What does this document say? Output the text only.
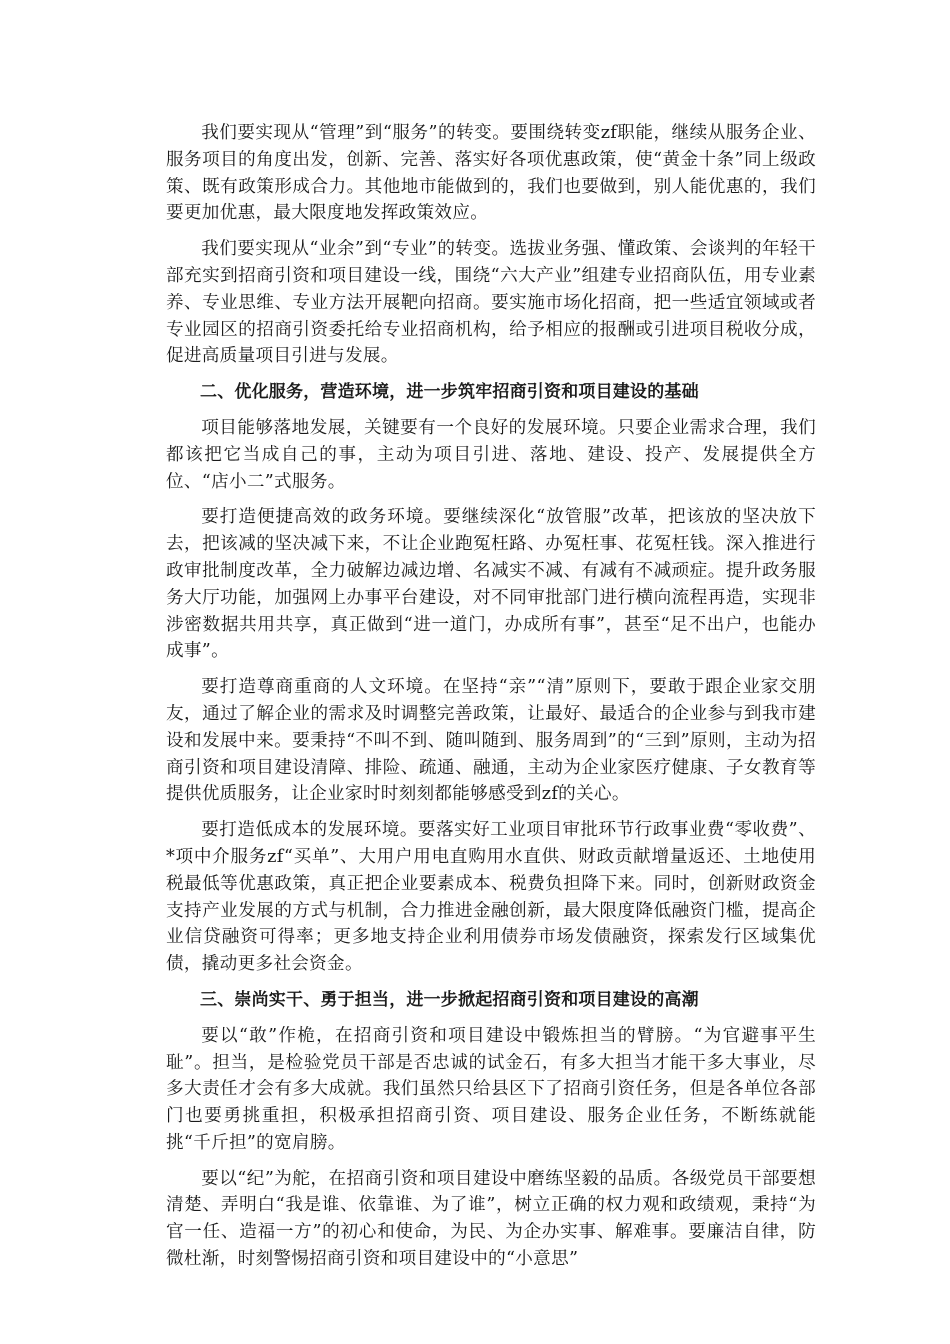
我们要实现从“管理”到“服务”的转变。要围绕转变zf职能，继续从服务企业、服务项目的角度出发，创新、完善、落实好各项优惠政策，使“黄金十条”同上级政策、既有政策形成合力。其他地市能做到的，我们也要做到，别人能优惠的，我们要更加优惠，最大限度地发挥政策效应。

我们要实现从“业余”到“专业”的转变。选拔业务强、懂政策、会谈判的年轻干部充实到招商引资和项目建设一线，围绕“六大产业”组建专业招商队伍，用专业素养、专业思维、专业方法开展靶向招商。要实施市场化招商，把一些适宜领域或者专业园区的招商引资委托给专业招商机构，给予相应的报酬或引进项目税收分成，促进高质量项目引进与发展。

二、优化服务，营造环境，进一步筑牢招商引资和项目建设的基础

项目能够落地发展，关键要有一个良好的发展环境。只要企业需求合理，我们都该把它当成自己的事，主动为项目引进、落地、建设、投产、发展提供全方位、“店小二”式服务。

要打造便捷高效的政务环境。要继续深化“放管服”改革，把该放的坚决放下去，把该减的坚决减下来，不让企业跑冤枉路、办冤枉事、花冤枉钱。深入推进行政审批制度改革，全力破解边减边增、名减实不减、有减有不减顽症。提升政务服务大厅功能，加强网上办事平台建设，对不同审批部门进行横向流程再造，实现非涉密数据共用共享，真正做到“进一道门，办成所有事”，甚至“足不出户，也能办成事”。

要打造尊商重商的人文环境。在坚持“亲”“清”原则下，要敢于跟企业家交朋友，通过了解企业的需求及时调整完善政策，让最好、最适合的企业参与到我市建设和发展中来。要秉持“不叫不到、随叫随到、服务周到”的“三到”原则，主动为招商引资和项目建设清障、排险、疏通、融通，主动为企业家医疗健康、子女教育等提供优质服务，让企业家时时刻刻都能够感受到zf的关心。

要打造低成本的发展环境。要落实好工业项目审批环节行政事业费“零收费”、*项中介服务zf“买单”、大用户用电直购用水直供、财政贡献增量返还、土地使用税最低等优惠政策，真正把企业要素成本、税费负担降下来。同时，创新财政资金支持产业发展的方式与机制，合力推进金融创新，最大限度降低融资门槛，提高企业信贷融资可得率；更多地支持企业利用债券市场发债融资，探索发行区域集优债，撬动更多社会资金。

三、崇尚实干、勇于担当，进一步掀起招商引资和项目建设的高潮

要以“敢”作桅，在招商引资和项目建设中锻炼担当的臂膀。“为官避事平生耻”。担当，是检验党员干部是否忠诚的试金石，有多大担当才能干多大事业，尽多大责任才会有多大成就。我们虽然只给县区下了招商引资任务，但是各单位各部门也要勇挑重担，积极承担招商引资、项目建设、服务企业任务，不断练就能挑“千斤担”的宽肩膀。

要以“纪”为舵，在招商引资和项目建设中磨练坚毅的品质。各级党员干部要想清楚、弄明白“我是谁、依靠谁、为了谁”，树立正确的权力观和政绩观，秉持“为官一任、造福一方”的初心和使命，为民、为企办实事、解难事。要廉洁自律，防微杜渐，时刻警惕招商引资和项目建设中的“小意思”
